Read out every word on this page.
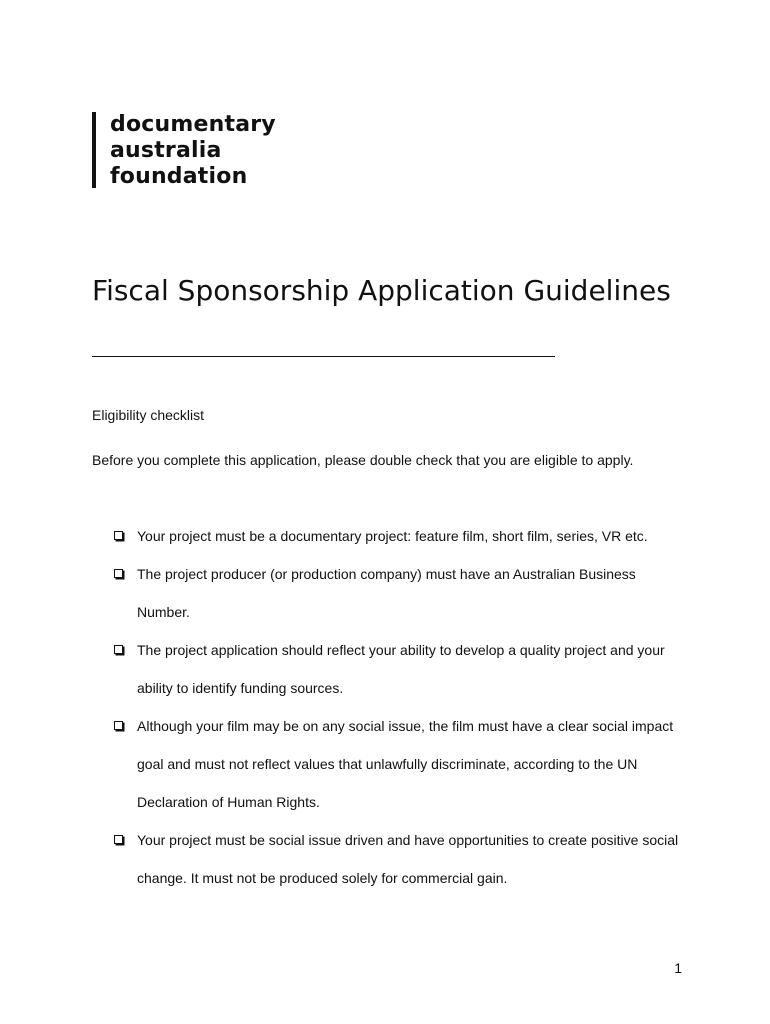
documentary
australia
foundation
Fiscal Sponsorship Application Guidelines
Eligibility checklist

Before you complete this application, please double check that you are eligible to apply.

Your project must be a documentary project: feature film, short film, series, VR etc.
The project producer (or production company) must have an Australian Business Number.
The project application should reflect your ability to develop a quality project and your ability to identify funding sources.
Although your film may be on any social issue, the film must have a clear social impact goal and must not reflect values that unlawfully discriminate, according to the UN Declaration of Human Rights.
Your project must be social issue driven and have opportunities to create positive social change. It must not be produced solely for commercial gain.
1
